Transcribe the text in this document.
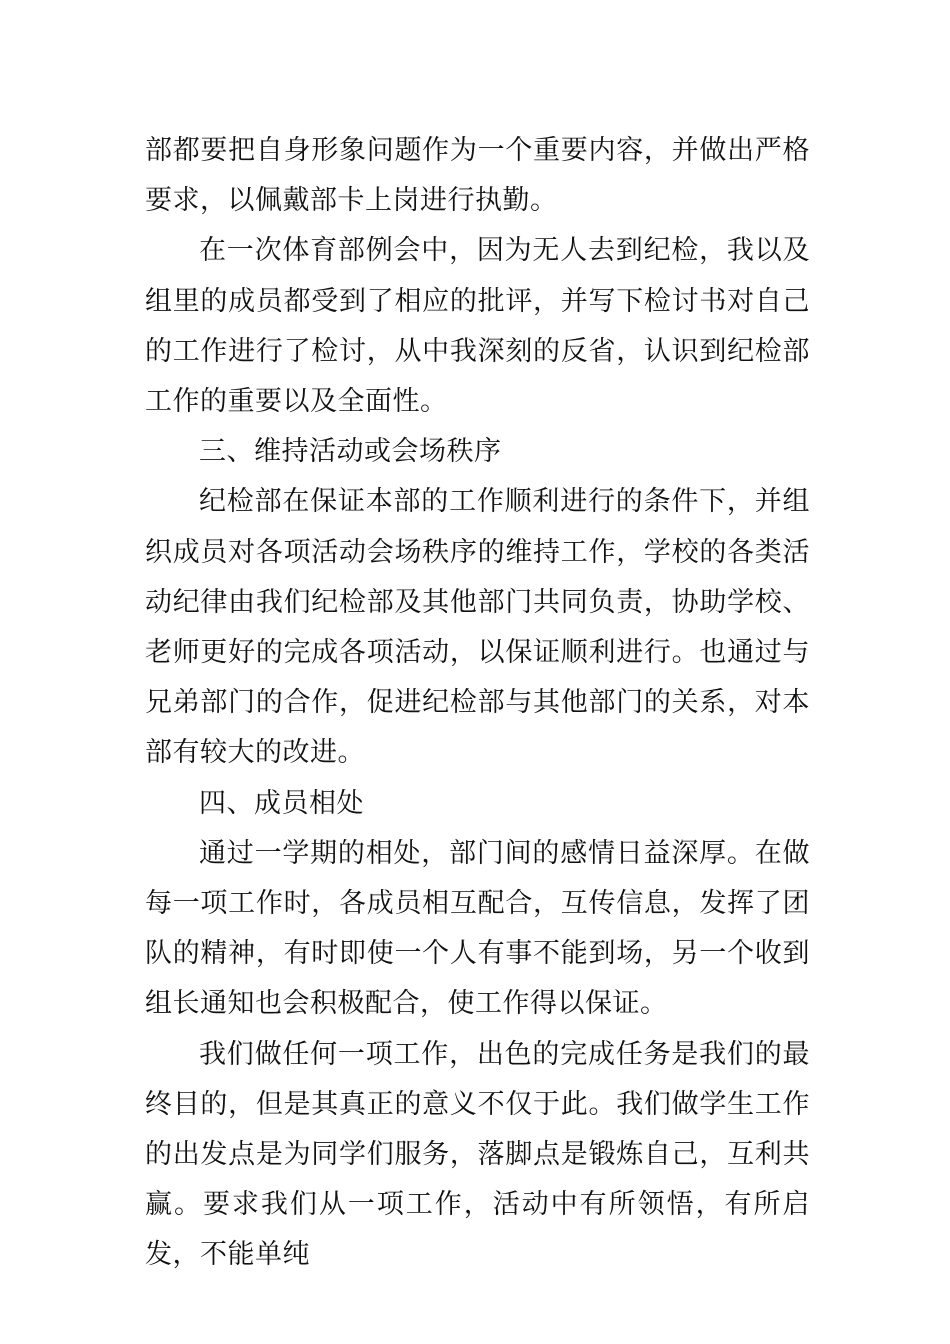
部都要把自身形象问题作为一个重要内容，并做出严格要求，以佩戴部卡上岗进行执勤。

在一次体育部例会中，因为无人去到纪检，我以及组里的成员都受到了相应的批评，并写下检讨书对自己的工作进行了检讨，从中我深刻的反省，认识到纪检部工作的重要以及全面性。

三、维持活动或会场秩序

纪检部在保证本部的工作顺利进行的条件下，并组织成员对各项活动会场秩序的维持工作，学校的各类活动纪律由我们纪检部及其他部门共同负责，协助学校、老师更好的完成各项活动，以保证顺利进行。也通过与兄弟部门的合作，促进纪检部与其他部门的关系，对本部有较大的改进。

四、成员相处

通过一学期的相处，部门间的感情日益深厚。在做每一项工作时，各成员相互配合，互传信息，发挥了团队的精神，有时即使一个人有事不能到场，另一个收到组长通知也会积极配合，使工作得以保证。

我们做任何一项工作，出色的完成任务是我们的最终目的，但是其真正的意义不仅于此。我们做学生工作的出发点是为同学们服务，落脚点是锻炼自己，互利共赢。要求我们从一项工作，活动中有所领悟，有所启发，不能单纯
